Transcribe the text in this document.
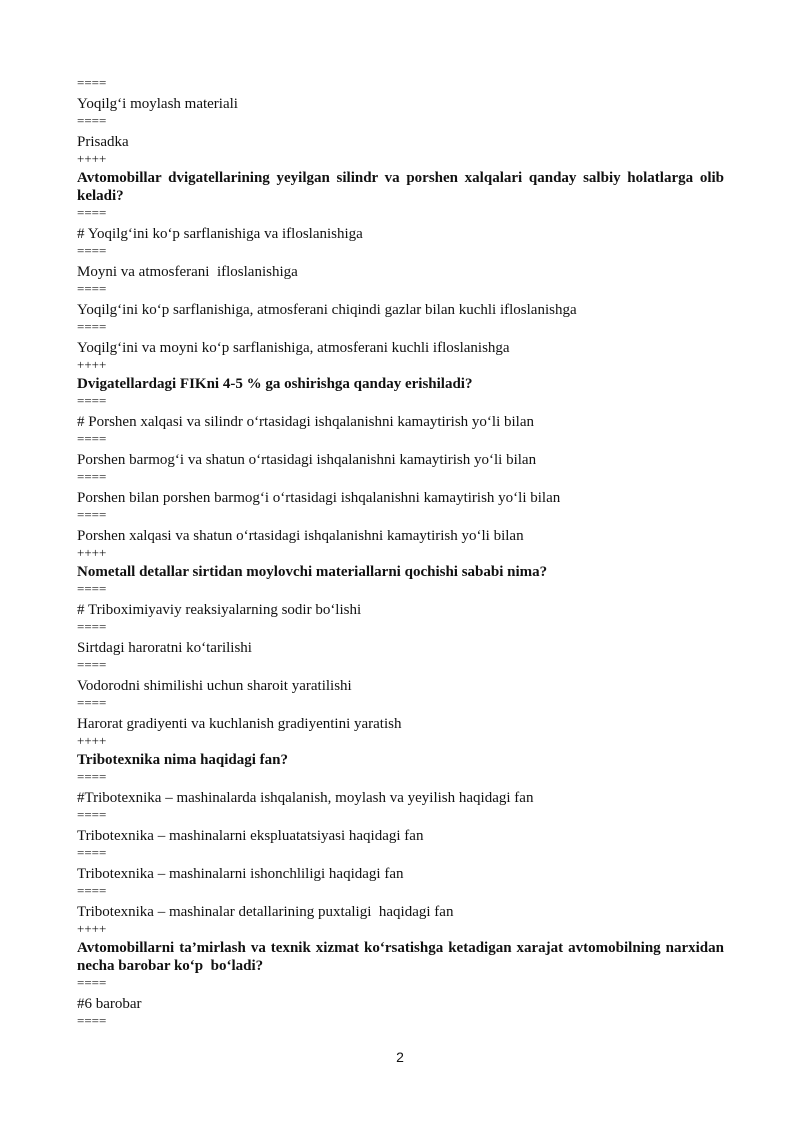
====

Yoqilg‘i moylash materiali

====

Prisadka

++++

Avtomobillar dvigatellarining yeyilgan silindr va porshen xalqalari qanday salbiy holatlarga olib keladi?

====

# Yoqilg‘ini ko‘p sarflanishiga va ifloslanishiga

====

Moyni va atmosferani  ifloslanishiga

====

Yoqilg‘ini ko‘p sarflanishiga, atmosferani chiqindi gazlar bilan kuchli ifloslanishga

====

Yoqilg‘ini va moyni ko‘p sarflanishiga, atmosferani kuchli ifloslanishga

++++

Dvigatellardagi FIKni 4-5 % ga oshirishga qanday erishiladi?

====

# Porshen xalqasi va silindr o‘rtasidagi ishqalanishni kamaytirish yo‘li bilan

====

Porshen barmog‘i va shatun o‘rtasidagi ishqalanishni kamaytirish yo‘li bilan

====

Porshen bilan porshen barmog‘i o‘rtasidagi ishqalanishni kamaytirish yo‘li bilan

====

Porshen xalqasi va shatun o‘rtasidagi ishqalanishni kamaytirish yo‘li bilan

++++

Nometall detallar sirtidan moylovchi materiallarni qochishi sababi nima?

====

# Triboximiyaviy reaksiyalarning sodir bo‘lishi

====

Sirtdagi haroratni ko‘tarilishi

====

Vodorodni shimilishi uchun sharoit yaratilishi

====

Harorat gradiyenti va kuchlanish gradiyentini yaratish

++++

Tribotexnika nima haqidagi fan?

====

#Tribotexnika – mashinalarda ishqalanish, moylash va yeyilish haqidagi fan

====

Tribotexnika – mashinalarni ekspluatatsiyasi haqidagi fan

====

Tribotexnika – mashinalarni ishonchliligi haqidagi fan

====

Tribotexnika – mashinalar detallarining puxtaligi  haqidagi fan

++++

Avtomobillarni ta’mirlash va texnik xizmat ko‘rsatishga ketadigan xarajat avtomobilning narxidan necha barobar ko‘p  bo‘ladi?

====

#6 barobar

====

2
